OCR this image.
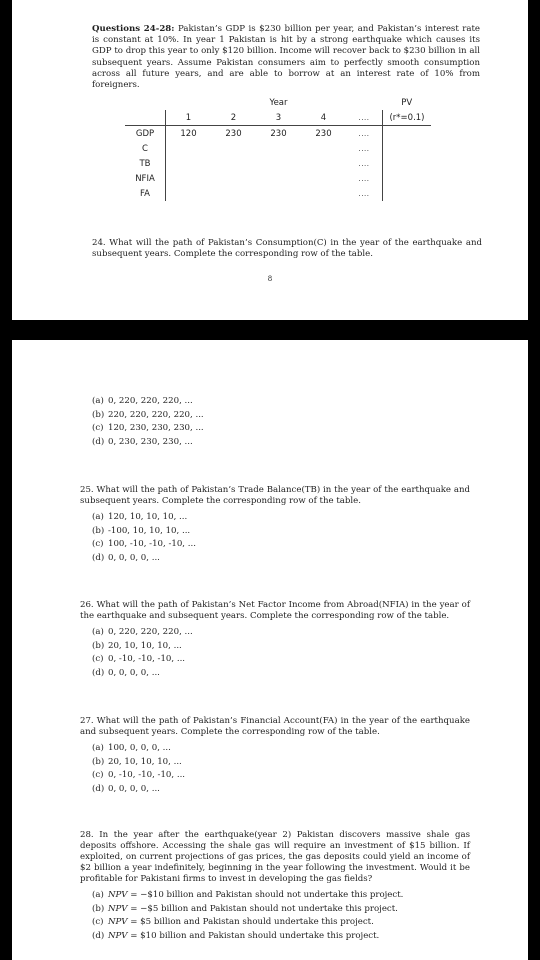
Questions 24-28: Pakistan’s GDP is $230 billion per year, and Pakistan’s interest rate is constant at 10%. In year 1 Pakistan is hit by a strong earthquake which causes its GDP to drop this year to only $120 billion. Income will recover back to $230 billion in all subsequent years. Assume Pakistan consumers aim to perfectly smooth consumption across all future years, and are able to borrow at an interest rate of 10% from foreigners.
			Year			PV
	1	2	3	4	....	(r*=0.1)
GDP	120	230	230	230	....	
C					....	
TB					....	
NFIA					....	
FA					....	
24. What will the path of Pakistan’s Consumption(C) in the year of the earthquake and subsequent years. Complete the corresponding row of the table.
8
(a) 0, 220, 220, 220, ...
(b) 220, 220, 220, 220, ...
(c) 120, 230, 230, 230, ...
(d) 0, 230, 230, 230, ...
25. What will the path of Pakistan’s Trade Balance(TB) in the year of the earthquake and subsequent years. Complete the corresponding row of the table.
(a) 120, 10, 10, 10, ...
(b) -100, 10, 10, 10, ...
(c) 100, -10, -10, -10, ...
(d) 0, 0, 0, 0, ...
26. What will the path of Pakistan’s Net Factor Income from Abroad(NFIA) in the year of the earthquake and subsequent years. Complete the corresponding row of the table.
(a) 0, 220, 220, 220, ...
(b) 20, 10, 10, 10, ...
(c) 0, -10, -10, -10, ...
(d) 0, 0, 0, 0, ...
27. What will the path of Pakistan’s Financial Account(FA) in the year of the earthquake and subsequent years. Complete the corresponding row of the table.
(a) 100, 0, 0, 0, ...
(b) 20, 10, 10, 10, ...
(c) 0, -10, -10, -10, ...
(d) 0, 0, 0, 0, ...
28. In the year after the earthquake(year 2) Pakistan discovers massive shale gas deposits offshore. Accessing the shale gas will require an investment of $15 billion. If exploited, on current projections of gas prices, the gas deposits could yield an income of $2 billion a year indefinitely, beginning in the year following the investment. Would it be profitable for Pakistani firms to invest in developing the gas fields?
(a) NPV = −$10 billion and Pakistan should not undertake this project.
(b) NPV = −$5 billion and Pakistan should not undertake this project.
(c) NPV = $5 billion and Pakistan should undertake this project.
(d) NPV = $10 billion and Pakistan should undertake this project.
